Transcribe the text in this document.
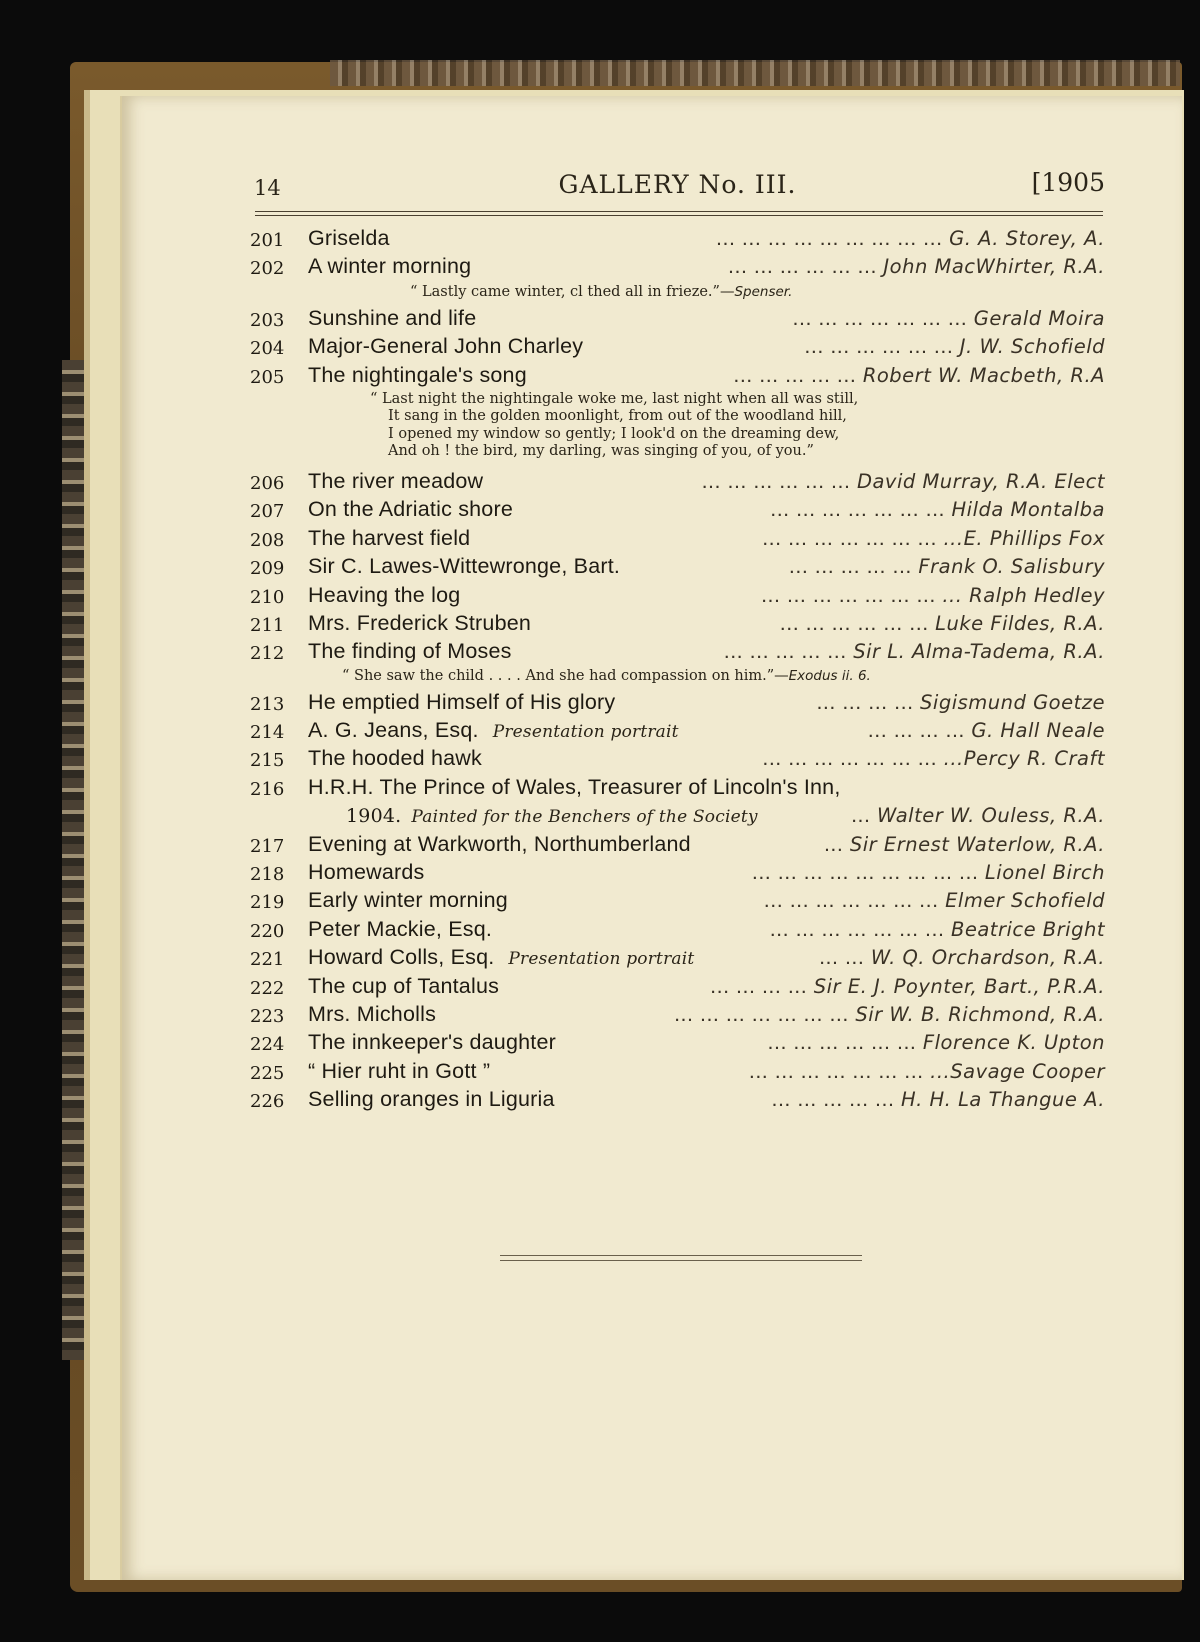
14	GALLERY No. III.	[1905
201 Griselda	... ... ... ... ... ... ... ... ... G. A. Storey, A.
202 A winter morning	... ... ... ... ... ... John MacWhirter, R.A.
“ Lastly came winter, cl thed all in frieze.”—Spenser.
203 Sunshine and life	... ... ... ... ... ... ... Gerald Moira
204 Major-General John Charley	... ... ... ... ... ... J. W. Schofield
205 The nightingale's song	... ... ... ... ... Robert W. Macbeth, R.A
“ Last night the nightingale woke me, last night when all was still,
It sang in the golden moonlight, from out of the woodland hill,
I opened my window so gently; I look'd on the dreaming dew,
And oh ! the bird, my darling, was singing of you, of you.”
206 The river meadow	... ... ... ... ... ... David Murray, R.A. Elect
207 On the Adriatic shore	... ... ... ... ... ... ... Hilda Montalba
208 The harvest field	... ... ... ... ... ... ... ...E. Phillips Fox
209 Sir C. Lawes-Wittewronge, Bart.	... ... ... ... ... Frank O. Salisbury
210 Heaving the log	... ... ... ... ... ... ... ... Ralph Hedley
211 Mrs. Frederick Struben	... ... ... ... ... ... Luke Fildes, R.A.
212 The finding of Moses	... ... ... ... ... Sir L. Alma-Tadema, R.A.
“ She saw the child . . . . And she had compassion on him.”—Exodus ii. 6.
213 He emptied Himself of His glory	... ... ... ... Sigismund Goetze
214 A. G. Jeans, Esq. Presentation portrait	... ... ... ... G. Hall Neale
215 The hooded hawk	... ... ... ... ... ... ... ...Percy R. Craft
216 H.R.H. The Prince of Wales, Treasurer of Lincoln's Inn,
1904. Painted for the Benchers of the Society	... Walter W. Ouless, R.A.
217 Evening at Warkworth, Northumberland	... Sir Ernest Waterlow, R.A.
218 Homewards	... ... ... ... ... ... ... ... ... Lionel Birch
219 Early winter morning	... ... ... ... ... ... ... Elmer Schofield
220 Peter Mackie, Esq.	... ... ... ... ... ... ... Beatrice Bright
221 Howard Colls, Esq. Presentation portrait	... ... W. Q. Orchardson, R.A.
222 The cup of Tantalus	... ... ... ... Sir E. J. Poynter, Bart., P.R.A.
223 Mrs. Micholls	... ... ... ... ... ... ... Sir W. B. Richmond, R.A.
224 The innkeeper's daughter	... ... ... ... ... ... Florence K. Upton
225 “ Hier ruht in Gott ”	... ... ... ... ... ... ... ...Savage Cooper
226 Selling oranges in Liguria	... ... ... ... ... H. H. La Thangue A.
